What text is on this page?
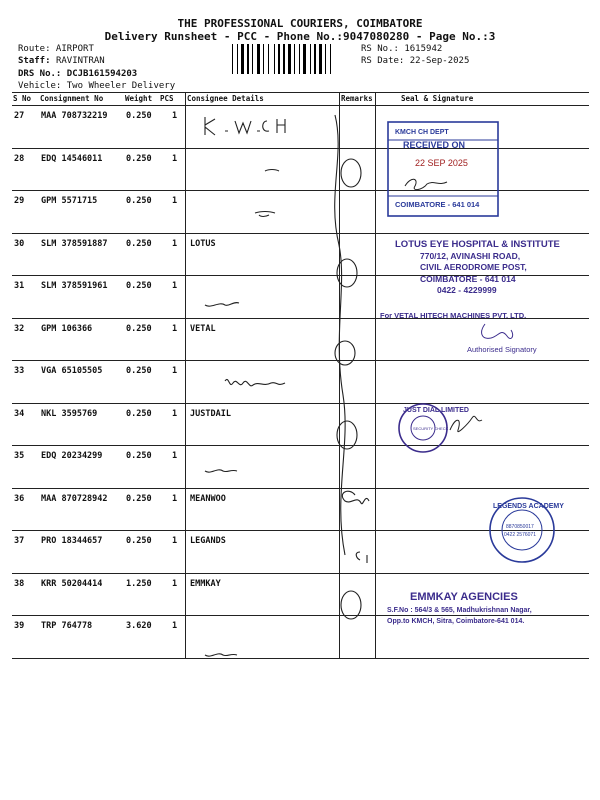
THE PROFESSIONAL COURIERS, COIMBATORE
Delivery Runsheet - PCC - Phone No.:9047080280 - Page No.:3
Route: AIRPORT
Staff: RAVINTRAN
DRS No.: DCJB161594203
Vehicle: Two Wheeler Delivery
RS No.: 1615942
RS Date: 22-Sep-2025
S No Consignment No	Weight PCS Consignee Details	Remarks	Seal & Signature
27 MAA 708732219 0.250 1
28 EDQ 14546011	0.250 1
29 GPM 5571715	0.250 1
30 SLM 378591887 0.250 1 LOTUS
31 SLM 378591961 0.250 1
32 GPM 106366	0.250 1 VETAL
33 VGA 65105505	0.250 1
34 NKL 3595769	0.250 1 JUSTDAIL
35 EDQ 20234299	0.250 1
36 MAA 870728942 0.250 1 MEANWOO
37 PRO 18344657	0.250 1 LEGANDS
38 KRR 50204414	1.250 1 EMMKAY
39 TRP 764778	3.620 1
KMCH CH DEPT
RECEIVED ON
22 SEP 2025
COIMBATORE - 641 014
LOTUS EYE HOSPITAL & INSTITUTE
770/12, AVINASHI ROAD,
CIVIL AERODROME POST,
COIMBATORE - 641 014
0422 - 4229999
For VETAL HITECH MACHINES PVT. LTD.
Authorised Signatory
JUST DIAL LIMITED
SECURITY CHECK
LEGENDS ACADEMY
8870850017
0422 2576071
EMMKAY AGENCIES
S.F.No : 564/3 & 565, Madhukrishnan Nagar,
Opp.to KMCH, Sitra, Coimbatore-641 014.
